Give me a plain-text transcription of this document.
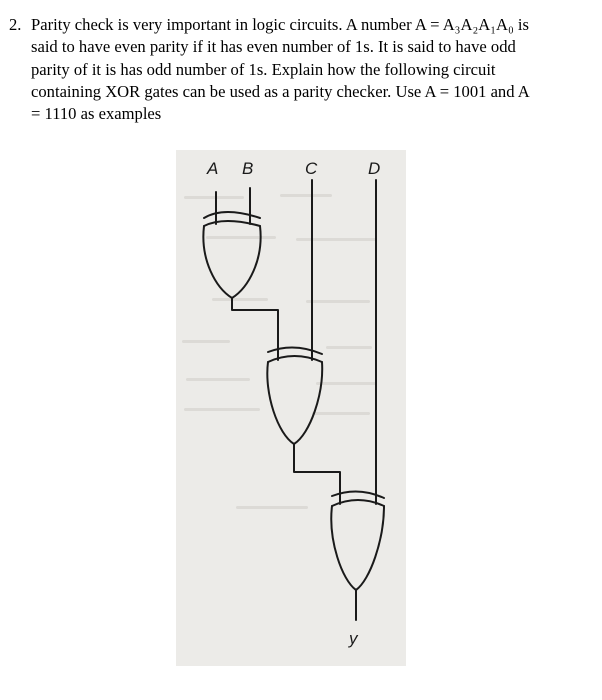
2. Parity check is very important in logic circuits. A number A = A₃A₂A₁A₀ is
said to have even parity if it has even number of 1s. It is said to have odd
parity of it is has odd number of 1s. Explain how the following circuit
containing XOR gates can be used as a parity checker. Use A = 1001 and A
= 1110 as examples
A B	C	D
y
